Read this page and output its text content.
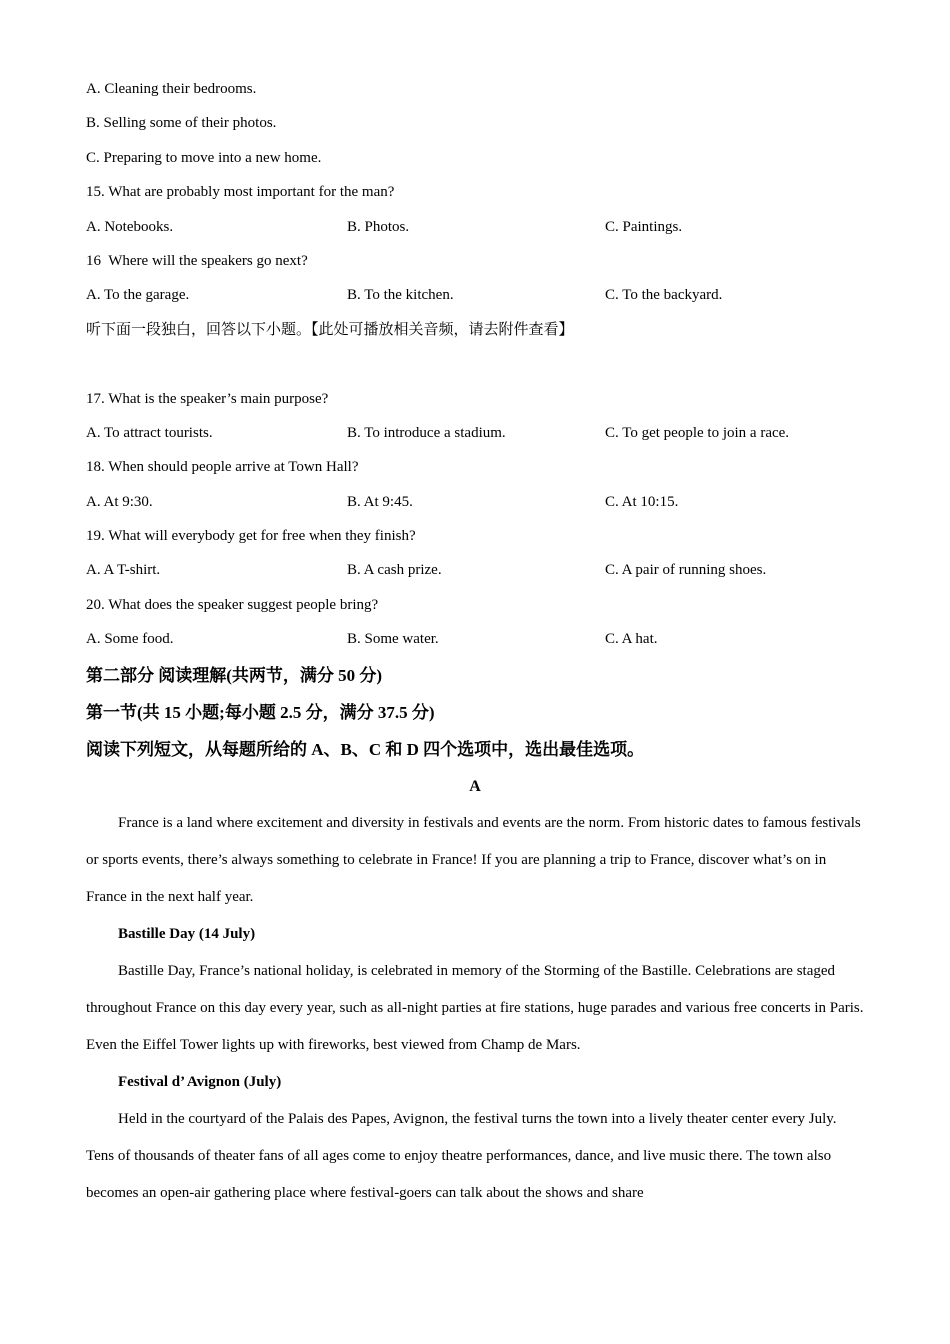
A. Cleaning their bedrooms.
B. Selling some of their photos.
C. Preparing to move into a new home.
15. What are probably most important for the man?
A. Notebooks.	B. Photos.	C. Paintings.
16  Where will the speakers go next?
A. To the garage.	B. To the kitchen.	C. To the backyard.
听下面一段独白，回答以下小题。【此处可播放相关音频，请去附件查看】
17. What is the speaker’s main purpose?
A. To attract tourists.	B. To introduce a stadium.	C. To get people to join a race.
18. When should people arrive at Town Hall?
A. At 9:30.	B. At 9:45.	C. At 10:15.
19. What will everybody get for free when they finish?
A. A T-shirt.	B. A cash prize.	C. A pair of running shoes.
20. What does the speaker suggest people bring?
A. Some food.	B. Some water.	C. A hat.
第二部分 阅读理解(共两节，满分 50 分)
第一节(共 15 小题;每小题 2.5 分，满分 37.5 分)
阅读下列短文，从每题所给的 A、B、C 和 D 四个选项中，选出最佳选项。
A

France is a land where excitement and diversity in festivals and events are the norm. From historic dates to famous festivals or sports events, there’s always something to celebrate in France! If you are planning a trip to France, discover what’s on in France in the next half year.

Bastille Day (14 July)

Bastille Day, France’s national holiday, is celebrated in memory of the Storming of the Bastille. Celebrations are staged throughout France on this day every year, such as all-night parties at fire stations, huge parades and various free concerts in Paris. Even the Eiffel Tower lights up with fireworks, best viewed from Champ de Mars.

Festival d’ Avignon (July)

Held in the courtyard of the Palais des Papes, Avignon, the festival turns the town into a lively theater center every July. Tens of thousands of theater fans of all ages come to enjoy theatre performances, dance, and live music there. The town also becomes an open-air gathering place where festival-goers can talk about the shows and share
